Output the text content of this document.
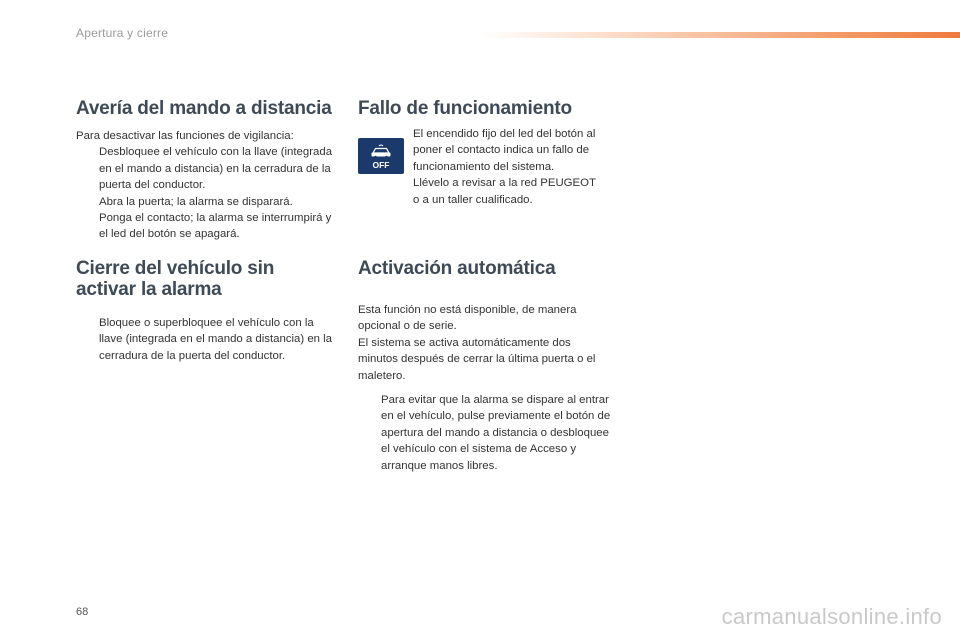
Apertura y cierre
Avería del mando a distancia

Para desactivar las funciones de vigilancia:

Desbloquee el vehículo con la llave (integrada en el mando a distancia) en la cerradura de la puerta del conductor.
Abra la puerta; la alarma se disparará.
Ponga el contacto; la alarma se interrumpirá y el led del botón se apagará.
Cierre del vehículo sin
activar la alarma
Bloquee o superbloquee el vehículo con la llave (integrada en el mando a distancia) en la cerradura de la puerta del conductor.
Fallo de funcionamiento
OFF

El encendido fijo del led del botón al

poner el contacto indica un fallo de

funcionamiento del sistema.

Llévelo a revisar a la red PEUGEOT

o a un taller cualificado.

Activación automática

Esta función no está disponible, de manera

opcional o de serie.

El sistema se activa automáticamente dos

minutos después de cerrar la última puerta o el

maletero.

Para evitar que la alarma se dispare al entrar en el vehículo, pulse previamente el botón de apertura del mando a distancia o desbloquee el vehículo con el sistema de Acceso y arranque manos libres.
68	carmanualsonline.info
